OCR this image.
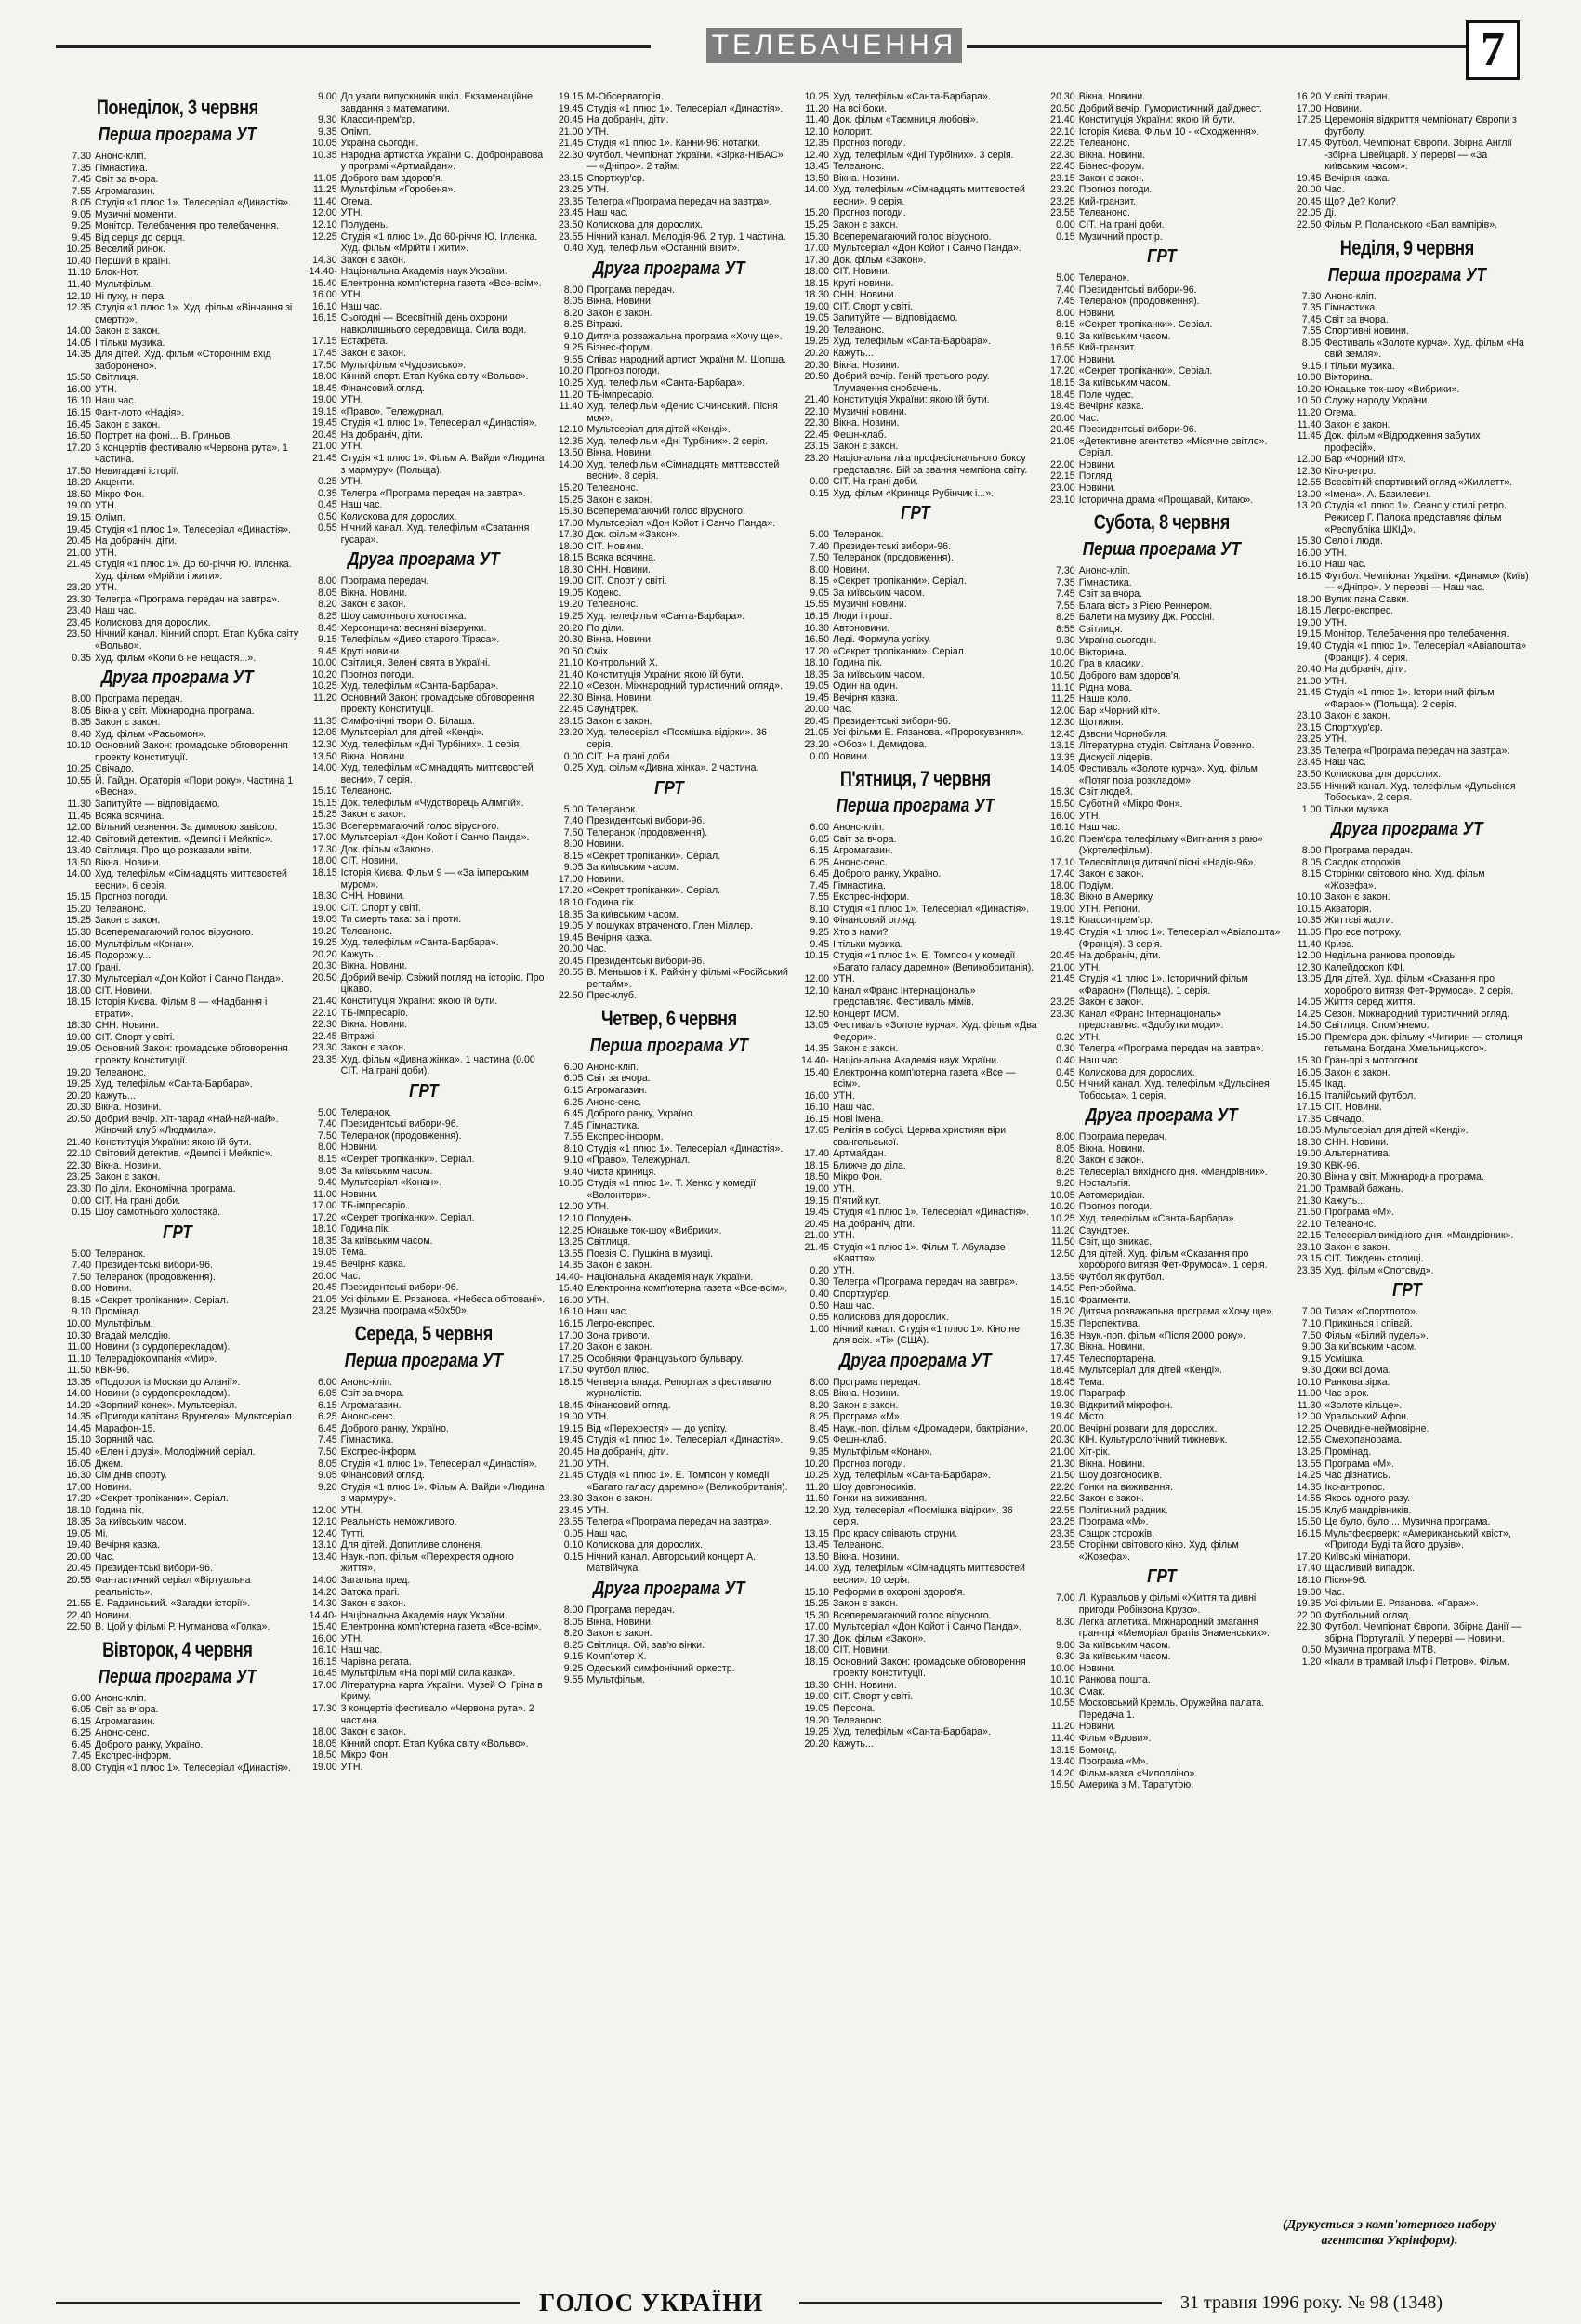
ТЕЛЕБАЧЕННЯ	7
Понеділок, 3 червня
Перша програма УТ
7.30 Анонс-кліп.
7.35 Гімнастика.
7.45 Світ за вчора.
7.55 Агромагазин.
8.05 Студія «1 плюс 1». Телесеріал «Династія».
9.05 Музичні моменти.
9.25 Монітор. Телебачення про телебачення.
9.45 Від серця до серця.
10.25 Веселий ринок.
10.40 Перший в країні.
11.10 Блок-Нот.
11.40 Мультфільм.
12.10 Ні пуху, ні пера.
12.35 Студія «1 плюс 1». Худ. фільм «Вінчання зі смертю».
14.00 Закон є закон.
14.05 І тільки музика.
14.35 Для дітей. Худ. фільм «Стороннім вхід заборонено».
15.50 Світлиця.
16.00 УТН.
16.10 Наш час.
16.15 Фант-лото «Надія».
16.45 Закон є закон.
16.50 Портрет на фоні... В. Гриньов.
17.20 3 концертів фестивалю «Червона рута». 1 частина.
17.50 Невигадані історії.
18.20 Акценти.
18.50 Мікро Фон.
19.00 УТН.
19.15 Олімп.
19.45 Студія «1 плюс 1». Телесеріал «Династія».
20.45 На добраніч, діти.
21.00 УТН.
21.45 Студія «1 плюс 1». До 60-річчя Ю. Іллєнка. Худ. фільм «Мрійти і жити».
23.20 УТН.
23.30 Телегра «Програма передач на завтра».
23.40 Наш час.
23.45 Колискова для дорослих.
23.50 Нічний канал. Кінний спорт. Етап Кубка світу «Вольво».
0.35 Худ. фільм «Коли б не нещастя...».
Друга програма УТ
8.00 Програма передач.
8.05 Вікна у світ. Міжнародна програма.
8.35 Закон є закон.
8.40 Худ. фільм «Расьомон».
10.10 Основний Закон: громадське обговорення проекту Конституції.
10.25 Свічадо.
10.55 Й. Гайдн. Ораторія «Пори року». Частина 1 «Весна».
11.30 Запитуйте — відповідаємо.
11.45 Всяка всячина.
12.00 Вільний сезнення. За димовою завісою.
12.40 Світовий детектив. «Демпсі і Мейкпіс».
13.40 Світлиця. Про що розказали квіти.
13.50 Вікна. Новини.
14.00 Худ. телефільм «Сімнадцять миттєвостей весни». 6 серія.
15.15 Прогноз погоди.
15.20 Телеанонс.
15.25 Закон є закон.
15.30 Всеперемагаючий голос вірусного.
16.00 Мультфільм «Конан».
16.45 Подорож у...
17.00 Грані.
17.30 Мультсеріал «Дон Койот і Санчо Панда».
18.00 СІТ. Новини.
18.15 Історія Києва. Фільм 8 — «Надбання і втрати».
18.30 СНН. Новини.
19.00 СІТ. Спорт у світі.
19.05 Основний Закон: громадське обговорення проекту Конституції.
19.20 Телеанонс.
19.25 Худ. телефільм «Санта-Барбара».
20.20 Кажуть...
20.30 Вікна. Новини.
20.50 Добрий вечір. Хіт-парад «Най-най-най». Жіночий клуб «Людмила».
21.40 Конституція України: якою їй бути.
22.10 Світовий детектив. «Демпсі і Мейкпіс».
22.30 Вікна. Новини.
23.25 Закон є закон.
23.30 По діли. Економічна програма.
0.00 СІТ. На грані доби.
0.15 Шоу самотнього холостяка.
ГРТ
5.00 Телеранок.
7.40 Президентські вибори-96.
7.50 Телеранок (продовження).
8.00 Новини.
8.15 «Секрет тропіканки». Серіал.
9.10 Промінад.
10.00 Мультфільм.
10.30 Вгадай мелодію.
11.00 Новини (з сурдоперекладом).
11.10 Телерадіокомпанія «Мир».
11.50 КВК-96.
13.35 «Подорож із Москви до Аланії».
14.00 Новини (з сурдоперекладом).
14.20 «Зоряний конек». Мультсеріал.
14.35 «Пригоди капітана Врунгеля». Мультсеріал.
14.45 Марафон-15.
15.10 Зоряний час.
15.40 «Елен і друзі». Молодіжний серіал.
16.05 Джем.
16.30 Сім днів спорту.
17.00 Новини.
17.20 «Секрет тропіканки». Серіал.
18.10 Година пік.
18.35 За київським часом.
19.05 Мі.
19.40 Вечірня казка.
20.00 Час.
20.45 Президентські вибори-96.
20.55 Фантастичний серіал «Віртуальна реальність».
21.55 Е. Радзинський. «Загадки історії».
22.40 Новини.
22.50 В. Цой у фільмі Р. Нугманова «Голка».
Вівторок, 4 червня
Перша програма УТ
6.00 Анонс-кліп.
6.05 Світ за вчора.
6.15 Агромагазин.
6.25 Анонс-сенс.
6.45 Доброго ранку, Україно.
7.45 Експрес-інформ.
8.00 Студія «1 плюс 1». Телесеріал «Династія».
9.00 До уваги випускників шкіл. Екзаменаційне завдання з математики.
9.30 Класси-прем'єр.
9.35 Олімп.
10.05 Україна сьогодні.
10.35 Народна артистка України С. Добронравова у програмі «Артмайдан».
11.05 Доброго вам здоров'я.
11.25 Мультфільм «Горобеня».
11.40 Огема.
12.00 УТН.
12.10 Полудень.
12.25 Студія «1 плюс 1». До 60-річчя Ю. Іллєнка. Худ. фільм «Мрійти і жити».
14.30 Закон є закон.
14.40-15.40
Національна Академія наук України. Електронна комп'ютерна газета «Все-всім».
16.00 УТН.
16.10 Наш час.
16.15 Сьогодні — Всесвітній день охорони навколишнього середовища. Сила води.
17.15 Естафета.
17.45 Закон є закон.
17.50 Мультфільм «Чудовисько».
18.00 Кінний спорт. Етап Кубка світу «Вольво».
18.45 Фінансовий огляд.
19.00 УТН.
19.15 «Право». Тележурнал.
19.45 Студія «1 плюс 1». Телесеріал «Династія».
20.45 На добраніч, діти.
21.00 УТН.
21.45 Студія «1 плюс 1». Фільм А. Вайди «Людина з мармуру» (Польща).
0.25 УТН.
0.35 Телегра «Програма передач на завтра».
0.45 Наш час.
0.50 Колискова для дорослих.
0.55 Нічний канал. Худ. телефільм «Сватання гусара».
Друга програма УТ
8.00 Програма передач.
8.05 Вікна. Новини.
8.20 Закон є закон.
8.25 Шоу самотнього холостяка.
8.45 Херсонщина: весняні візерунки.
9.15 Телефільм «Диво старого Тіраса».
9.45 Круті новини.
10.00 Світлиця. Зелені свята в Україні.
10.20 Прогноз погоди.
10.25 Худ. телефільм «Санта-Барбара».
11.20 Основний Закон: громадське обговорення проекту Конституції.
11.35 Симфонічні твори О. Білаша.
12.05 Мультсеріал для дітей «Кенді».
12.30 Худ. телефільм «Дні Турбіних». 1 серія.
13.50 Вікна. Новини.
14.00 Худ. телефільм «Сімнадцять миттєвостей весни». 7 серія.
15.10 Телеанонс.
15.15 Док. телефільм «Чудотворець Алімпій».
15.25 Закон є закон.
15.30 Всеперемагаючий голос вірусного.
17.00 Мультсеріал «Дон Койот і Санчо Панда».
17.30 Док. фільм «Закон».
18.00 СІТ. Новини.
18.15 Історія Києва. Фільм 9 — «За імперським муром».
18.30 СНН. Новини.
19.00 СІТ. Спорт у світі.
19.05 Ти смерть така: за і проти.
19.20 Телеанонс.
19.25 Худ. телефільм «Санта-Барбара».
20.20 Кажуть...
20.30 Вікна. Новини.
20.50 Добрий вечір. Свіжий погляд на історію. Про цікаво.
21.40 Конституція України: якою їй бути.
22.10 ТБ-імпресаріо.
22.30 Вікна. Новини.
22.45 Вітражі.
23.30 Закон є закон.
23.35 Худ. фільм «Дивна жінка». 1 частина (0.00 СІТ. На грані доби).
ГРТ
5.00 Телеранок.
7.40 Президентські вибори-96.
7.50 Телеранок (продовження).
8.00 Новини.
8.15 «Секрет тропіканки». Серіал.
9.05 За київським часом.
9.40 Мультсеріал «Конан».
11.00 Новини.
17.00 ТБ-імпресаріо.
17.20 «Секрет тропіканки». Серіал.
18.10 Година пік.
18.35 За київським часом.
19.05 Тема.
19.45 Вечірня казка.
20.00 Час.
20.45 Президентські вибори-96.
21.05 Усі фільми Е. Рязанова. «Небеса обітовані».
23.25 Музична програма «50х50».
Середа, 5 червня
Перша програма УТ
6.00 Анонс-кліп.
6.05 Світ за вчора.
6.15 Агромагазин.
6.25 Анонс-сенс.
6.45 Доброго ранку, Україно.
7.45 Гімнастика.
7.50 Експрес-інформ.
8.05 Студія «1 плюс 1». Телесеріал «Династія».
9.05 Фінансовий огляд.
9.20 Студія «1 плюс 1». Фільм А. Вайди «Людина з мармуру».
12.00 УТН.
12.10 Реальність неможливого.
12.40 Тутті.
13.10 Для дітей. Допитливе слоненя.
13.40 Наук.-поп. фільм «Перехрестя одного життя».
14.00 Загальна пред.
14.20 Затока прагі.
14.30 Закон є закон.
14.40-15.40
Національна Академія наук України. Електронна комп'ютерна газета «Все-всім».
16.00 УТН.
16.10 Наш час.
16.15 Чарівна регата.
16.45 Мультфільм «На порі мій сила казка».
17.00 Літературна карта України. Музей О. Гріна в Криму.
17.30 3 концертів фестивалю «Червона рута». 2 частина.
18.00 Закон є закон.
18.05 Кінний спорт. Етап Кубка світу «Вольво».
18.50 Мікро Фон.
19.00 УТН.
19.15 М-Обсерваторія.
19.45 Студія «1 плюс 1». Телесеріал «Династія».
20.45 На добраніч, діти.
21.00 УТН.
21.45 Студія «1 плюс 1». Канни-96: нотатки.
22.30 Футбол. Чемпіонат України. «Зірка-НІБАС» — «Дніпро». 2 тайм.
23.15 Спортхур'єр.
23.25 УТН.
23.35 Телегра «Програма передач на завтра».
23.45 Наш час.
23.50 Колискова для дорослих.
23.55 Нічний канал. Мелодія-96. 2 тур. 1 частина.
0.40 Худ. телефільм «Останній візит».
Друга програма УТ
8.00 Програма передач.
8.05 Вікна. Новини.
8.20 Закон є закон.
8.25 Вітражі.
9.10 Дитяча розважальна програма «Хочу ще».
9.25 Бізнес-форум.
9.55 Співає народний артист України М. Шопша.
10.20 Прогноз погоди.
10.25 Худ. телефільм «Санта-Барбара».
11.20 ТБ-імпресаріо.
11.40 Худ. телефільм «Денис Січинський. Пісня моя».
12.10 Мультсеріал для дітей «Кенді».
12.35 Худ. телефільм «Дні Турбіних». 2 серія.
13.50 Вікна. Новини.
14.00 Худ. телефільм «Сімнадцять миттєвостей весни». 8 серія.
15.20 Телеанонс.
15.25 Закон є закон.
15.30 Всеперемагаючий голос вірусного.
17.00 Мультсеріал «Дон Койот і Санчо Панда».
17.30 Док. фільм «Закон».
18.00 СІТ. Новини.
18.15 Всяка всячина.
18.30 СНН. Новини.
19.00 СІТ. Спорт у світі.
19.05 Кодекс.
19.20 Телеанонс.
19.25 Худ. телефільм «Санта-Барбара».
20.20 По діли.
20.30 Вікна. Новини.
20.50 Сміх.
21.10 Контрольний X.
21.40 Конституція України: якою їй бути.
22.10 «Сезон. Міжнародний туристичний огляд».
22.30 Вікна. Новини.
22.45 Саундтрек.
23.15 Закон є закон.
23.20 Худ. телесеріал «Посмішка відірки». 36 серія.
0.00 СІТ. На грані доби.
0.25 Худ. фільм «Дивна жінка». 2 частина.
ГРТ
5.00 Телеранок.
7.40 Президентські вибори-96.
7.50 Телеранок (продовження).
8.00 Новини.
8.15 «Секрет тропіканки». Серіал.
9.05 За київським часом.
17.00 Новини.
17.20 «Секрет тропіканки». Серіал.
18.10 Година пік.
18.35 За київським часом.
19.05 У пошуках втраченого. Глен Міллер.
19.45 Вечірня казка.
20.00 Час.
20.45 Президентські вибори-96.
20.55 В. Меньшов і К. Райкін у фільмі «Російський регтайм».
22.50 Прес-клуб.
Четвер, 6 червня
Перша програма УТ
6.00 Анонс-кліп.
6.05 Світ за вчора.
6.15 Агромагазин.
6.25 Анонс-сенс.
6.45 Доброго ранку, Україно.
7.45 Гімнастика.
7.55 Експрес-інформ.
8.10 Студія «1 плюс 1». Телесеріал «Династія».
9.10 «Право». Тележурнал.
9.40 Чиста криниця.
10.05 Студія «1 плюс 1». Т. Хенкс у комедії «Волонтери».
12.00 УТН.
12.10 Полудень.
12.25 Юнацьке ток-шоу «Вибрики».
13.25 Світлиця.
13.55 Поезія О. Пушкіна в музиці.
14.35 Закон є закон.
14.40-15.40
Національна Академія наук України. Електронна комп'ютерна газета «Все-всім».
16.00 УТН.
16.10 Наш час.
16.15 Легро-експрес.
17.00 Зона тривоги.
17.20 Закон є закон.
17.25 Особняки Французького бульвару.
17.50 Футбол плюс.
18.15 Четверта влада. Репортаж з фестивалю журналістів.
18.45 Фінансовий огляд.
19.00 УТН.
19.15 Від «Перехрестя» — до успіху.
19.45 Студія «1 плюс 1». Телесеріал «Династія».
20.45 На добраніч, діти.
21.00 УТН.
21.45 Студія «1 плюс 1». Е. Томпсон у комедії «Багато галасу даремно» (Великобританія).
23.30 Закон є закон.
23.45 УТН.
23.55 Телегра «Програма передач на завтра».
0.05 Наш час.
0.10 Колискова для дорослих.
0.15 Нічний канал. Авторський концерт А. Матвійчука.
Друга програма УТ
8.00 Програма передач.
8.05 Вікна. Новини.
8.20 Закон є закон.
8.25 Світлиця. Ой, зав'ю вінки.
9.15 Комп'ютер X.
9.25 Одеський симфонічний оркестр.
9.55 Мультфільм.
10.25 Худ. телефільм «Санта-Барбара».
11.20 На всі боки.
11.40 Док. фільм «Таємниця любові».
12.10 Колорит.
12.35 Прогноз погоди.
12.40 Худ. телефільм «Дні Турбіних». 3 серія.
13.45 Телеанонс.
13.50 Вікна. Новини.
14.00 Худ. телефільм «Сімнадцять миттєвостей весни». 9 серія.
15.20 Прогноз погоди.
15.25 Закон є закон.
15.30 Всеперемагаючий голос вірусного.
17.00 Мультсеріал «Дон Койот і Санчо Панда».
17.30 Док. фільм «Закон».
18.00 СІТ. Новини.
18.15 Круті новини.
18.30 СНН. Новини.
19.00 СІТ. Спорт у світі.
19.05 Запитуйте — відповідаємо.
19.20 Телеанонс.
19.25 Худ. телефільм «Санта-Барбара».
20.20 Кажуть...
20.30 Вікна. Новини.
20.50 Добрий вечір. Геній третього роду. Тлумачення снобачень.
21.40 Конституція України: якою їй бути.
22.10 Музичні новини.
22.30 Вікна. Новини.
22.45 Фешн-клаб.
23.15 Закон є закон.
23.20 Національна ліга професіонального боксу представляє. Бій за звання чемпіона світу.
0.00 СІТ. На грані доби.
0.15 Худ. фільм «Криниця Рубінчик і...».
ГРТ
5.00 Телеранок.
7.40 Президентські вибори-96.
7.50 Телеранок (продовження).
8.00 Новини.
8.15 «Секрет тропіканки». Серіал.
9.05 За київським часом.
15.55 Музичні новини.
16.15 Люди і гроші.
16.30 Автоновини.
16.50 Леді. Формула успіху.
17.20 «Секрет тропіканки». Серіал.
18.10 Година пік.
18.35 За київським часом.
19.05 Один на один.
19.45 Вечірня казка.
20.00 Час.
20.45 Президентські вибори-96.
21.05 Усі фільми Е. Рязанова. «Пророкування».
23.20 «Обоз» І. Демидова.
0.00 Новини.
П'ятниця, 7 червня
Перша програма УТ
6.00 Анонс-кліп.
6.05 Світ за вчора.
6.15 Агромагазин.
6.25 Анонс-сенс.
6.45 Доброго ранку, Україно.
7.45 Гімнастика.
7.55 Експрес-інформ.
8.10 Студія «1 плюс 1». Телесеріал «Династія».
9.10 Фінансовий огляд.
9.25 Хто з нами?
9.45 І тільки музика.
10.15 Студія «1 плюс 1». Е. Томпсон у комедії «Багато галасу даремно» (Великобританія).
12.00 УТН.
12.10 Канал «Франс Інтернаціональ» представляє. Фестиваль мімів.
12.50 Концерт МСМ.
13.05 Фестиваль «Золоте курча». Худ. фільм «Два Федори».
14.35 Закон є закон.
14.40-15.40
Національна Академія наук України. Електронна комп'ютерна газета «Все — всім».
16.00 УТН.
16.10 Наш час.
16.15 Нові імена.
17.05 Релігія в собусі. Церква християн віри євангельської.
17.40 Артмайдан.
18.15 Ближче до діла.
18.50 Мікро Фон.
19.00 УТН.
19.15 П'ятий кут.
19.45 Студія «1 плюс 1». Телесеріал «Династія».
20.45 На добраніч, діти.
21.00 УТН.
21.45 Студія «1 плюс 1». Фільм Т. Абуладзе «Каяття».
0.20 УТН.
0.30 Телегра «Програма передач на завтра».
0.40 Спортхур'єр.
0.50 Наш час.
0.55 Колискова для дорослих.
1.00 Нічний канал. Студія «1 плюс 1». Кіно не для всіх. «Ті» (США).
Друга програма УТ
8.00 Програма передач.
8.05 Вікна. Новини.
8.20 Закон є закон.
8.25 Програма «М».
8.45 Наук.-поп. фільм «Дромадери, бактріани».
9.05 Фешн-клаб.
9.35 Мультфільм «Конан».
10.20 Прогноз погоди.
10.25 Худ. телефільм «Санта-Барбара».
11.20 Шоу довгоносиків.
11.50 Гонки на виживання.
12.20 Худ. телесеріал «Посмішка відірки». 36 серія.
13.15 Про красу співають струни.
13.45 Телеанонс.
13.50 Вікна. Новини.
14.00 Худ. телефільм «Сімнадцять миттєвостей весни». 10 серія.
15.10 Реформи в охороні здоров'я.
15.25 Закон є закон.
15.30 Всеперемагаючий голос вірусного.
17.00 Мультсеріал «Дон Койот і Санчо Панда».
17.30 Док. фільм «Закон».
18.00 СІТ. Новини.
18.15 Основний Закон: громадське обговорення проекту Конституції.
18.30 СНН. Новини.
19.00 СІТ. Спорт у світі.
19.05 Персона.
19.20 Телеанонс.
19.25 Худ. телефільм «Санта-Барбара».
20.20 Кажуть...
20.30 Вікна. Новини.
20.50 Добрий вечір. Гумористичний дайджест.
21.40 Конституція України: якою їй бути.
22.10 Історія Києва. Фільм 10 - «Сходження».
22.25 Телеанонс.
22.30 Вікна. Новини.
22.45 Бізнес-форум.
23.15 Закон є закон.
23.20 Прогноз погоди.
23.25 Кий-транзит.
23.55 Телеанонс.
0.00 СІТ. На грані доби.
0.15 Музичний простір.
ГРТ
5.00 Телеранок.
7.40 Президентські вибори-96.
7.45 Телеранок (продовження).
8.00 Новини.
8.15 «Секрет тропіканки». Серіал.
9.10 За київським часом.
16.55 Кий-транзит.
17.00 Новини.
17.20 «Секрет тропіканки». Серіал.
18.15 За київським часом.
18.45 Поле чудес.
19.45 Вечірня казка.
20.00 Час.
20.45 Президентські вибори-96.
21.05 «Детективне агентство «Місячне світло». Серіал.
22.00 Новини.
22.15 Погляд.
23.00 Новини.
23.10 Історична драма «Прощавай, Китаю».
Субота, 8 червня
Перша програма УТ
7.30 Анонс-кліп.
7.35 Гімнастика.
7.45 Світ за вчора.
7.55 Блага вість з Рією Реннером.
8.25 Балети на музику Дж. Россіні.
8.55 Світлиця.
9.30 Україна сьогодні.
10.00 Вікторина.
10.20 Гра в класики.
10.50 Доброго вам здоров'я.
11.10 Рідна мова.
11.25 Наше коло.
12.00 Бар «Чорний кіт».
12.30 Щотижня.
12.45 Дзвони Чорнобиля.
13.15 Літературна студія. Світлана Йовенко.
13.35 Дискусії лідерів.
14.05 Фестиваль «Золоте курча». Худ. фільм «Потяг поза розкладом».
15.30 Світ людей.
15.50 Суботній «Мікро Фон».
16.00 УТН.
16.10 Наш час.
16.20 Прем'єра телефільму «Вигнання з раю» (Укртелефільм).
17.10 Телесвітлиця дитячої пісні «Надія-96».
17.40 Закон є закон.
18.00 Подіум.
18.30 Вікно в Америку.
19.00 УТН. Регіони.
19.15 Класси-прем'єр.
19.45 Студія «1 плюс 1». Телесеріал «Авіапошта» (Франція). 3 серія.
20.45 На добраніч, діти.
21.00 УТН.
21.45 Студія «1 плюс 1». Історичний фільм «Фараон» (Польща). 1 серія.
23.25 Закон є закон.
23.30 Канал «Франс Інтернаціональ» представляє. «Здобутки моди».
0.20 УТН.
0.30 Телегра «Програма передач на завтра».
0.40 Наш час.
0.45 Колискова для дорослих.
0.50 Нічний канал. Худ. телефільм «Дульсінея Тобоська». 1 серія.
Друга програма УТ
8.00 Програма передач.
8.05 Вікна. Новини.
8.20 Закон є закон.
8.25 Телесеріал вихідного дня. «Мандрівник».
9.20 Ностальгія.
10.05 Автомеридіан.
10.20 Прогноз погоди.
10.25 Худ. телефільм «Санта-Барбара».
11.20 Саундтрек.
11.50 Світ, що зникає.
12.50 Для дітей. Худ. фільм «Сказання про хороброго витязя Фет-Фрумоса». 1 серія.
13.55 Футбол як футбол.
14.55 Реп-обойма.
15.10 Фрагменти.
15.20 Дитяча розважальна програма «Хочу ще».
15.35 Перспектива.
16.35 Наук.-поп. фільм «Після 2000 року».
17.30 Вікна. Новини.
17.45 Телеспортарена.
18.45 Мультсеріал для дітей «Кенді».
18.45 Тема.
19.00 Параграф.
19.30 Відкритий мікрофон.
19.40 Місто.
20.00 Вечірні розваги для дорослих.
20.30 КІН. Культурологічний тижневик.
21.00 Хіт-рік.
21.30 Вікна. Новини.
21.50 Шоу довгоносиків.
22.20 Гонки на виживання.
22.50 Закон є закон.
22.55 Політичний радник.
23.25 Програма «М».
23.35 Сащок сторожів.
23.55 Сторінки світового кіно. Худ. фільм «Жозефа».
ГРТ
7.00 Л. Куравльов у фільмі «Життя та дивні пригоди Робінзона Крузо».
8.30 Легка атлетика. Міжнародний змагання гран-прі «Меморіал братів Знаменських».
9.00 За київським часом.
9.30 За київським часом.
10.00 Новини.
10.10 Ранкова пошта.
10.30 Смак.
10.55 Московський Кремль. Оружейна палата. Передача 1.
11.20 Новини.
11.40 Фільм «Вдови».
13.15 Бомонд.
13.40 Програма «М».
14.20 Фільм-казка «Чиполліно».
15.50 Америка з М. Таратутою.
16.20 У світі тварин.
17.00 Новини.
17.25 Церемонія відкриття чемпіонату Європи з футболу.
17.45 Футбол. Чемпіонат Європи. Збірна Англії -збірна Швейцарії. У перерві — «За київським часом».
19.45 Вечірня казка.
20.00 Час.
20.45 Що? Де? Коли?
22.05 Ді.
22.50 Фільм Р. Поланського «Бал вампірів».
Неділя, 9 червня
Перша програма УТ
7.30 Анонс-кліп.
7.35 Гімнастика.
7.45 Світ за вчора.
7.55 Спортивні новини.
8.05 Фестиваль «Золоте курча». Худ. фільм «На свій земля».
9.15 І тільки музика.
10.00 Вікторина.
10.20 Юнацьке ток-шоу «Вибрики».
10.50 Служу народу України.
11.20 Огема.
11.40 Закон є закон.
11.45 Док. фільм «Відродження забутих професій».
12.00 Бар «Чорний кіт».
12.30 Кіно-ретро.
12.55 Всесвітній спортивний огляд «Жиллетт».
13.00 «Імена». А. Базилевич.
13.20 Студія «1 плюс 1». Сеанс у стилі ретро. Режисер Г. Палока представляє фільм «Республіка ШКІД».
15.30 Село і люди.
16.00 УТН.
16.10 Наш час.
16.15 Футбол. Чемпіонат України. «Динамо» (Київ) — «Дніпро». У перерві — Наш час.
18.00 Вулик пана Савки.
18.15 Легро-експрес.
19.00 УТН.
19.15 Монітор. Телебачення про телебачення.
19.40 Студія «1 плюс 1». Телесеріал «Авіапошта» (Франція). 4 серія.
20.40 На добраніч, діти.
21.00 УТН.
21.45 Студія «1 плюс 1». Історичний фільм «Фараон» (Польща). 2 серія.
23.10 Закон є закон.
23.15 Спортхур'єр.
23.25 УТН.
23.35 Телегра «Програма передач на завтра».
23.45 Наш час.
23.50 Колискова для дорослих.
23.55 Нічний канал. Худ. телефільм «Дульсінея Тобоська». 2 серія.
1.00 Тільки музика.
Друга програма УТ
8.00 Програма передач.
8.05 Сасдок сторожів.
8.15 Сторінки світового кіно. Худ. фільм «Жозефа».
10.10 Закон є закон.
10.15 Акваторія.
10.35 Життєві жарти.
11.05 Про все потроху.
11.40 Криза.
12.00 Недільна ранкова проповідь.
12.30 Калейдоскоп КФІ.
13.05 Для дітей. Худ. фільм «Сказання про хороброго витязя Фет-Фрумоса». 2 серія.
14.05 Життя серед життя.
14.25 Сезон. Міжнародний туристичний огляд.
14.50 Світлиця. Спом'янемо.
15.00 Прем'єра док. фільму «Чигирин — столиця гетьмана Богдана Хмельницького».
15.30 Гран-прі з мотогонок.
16.05 Закон є закон.
15.45 Ікад.
16.15 Італійський футбол.
17.15 СІТ. Новини.
17.35 Свічадо.
18.05 Мультсеріал для дітей «Кенді».
18.30 СНН. Новини.
19.00 Альтернатива.
19.30 КВК-96.
20.30 Вікна у світ. Міжнародна програма.
21.00 Трамвай бажань.
21.30 Кажуть...
21.50 Програма «М».
22.10 Телеанонс.
22.15 Телесеріал вихідного дня. «Мандрівник».
23.10 Закон є закон.
23.15 СІТ. Тиждень столиці.
23.35 Худ. фільм «Спотсвуд».
ГРТ
7.00 Тираж «Спортлото».
7.10 Прикинься і співай.
7.50 Фільм «Білий пудель».
9.00 За київським часом.
9.15 Усмішка.
9.30 Доки всі дома.
10.10 Ранкова зірка.
11.00 Час зірок.
11.30 «Золоте кільце».
12.00 Уральський Афон.
12.25 Очевидне-неймовірне.
12.55 Смехопанорама.
13.25 Промінад.
13.55 Програма «М».
14.25 Час дізнатись.
14.35 Ікс-антропос.
14.55 Якось одного разу.
15.05 Клуб мандрівників.
15.50 Це було, було.... Музична програма.
16.15 Мультфеєрверк: «Американський хвіст», «Пригоди Буді та його друзів».
17.20 Київські мініатюри.
17.40 Щасливий випадок.
18.10 Пісня-96.
19.00 Час.
19.35 Усі фільми Е. Рязанова. «Гараж».
22.00 Футбольний огляд.
22.30 Футбол. Чемпіонат Європи. Збірна Данії — збірна Португалії. У перерві — Новини.
0.50 Музична програма МТВ.
1.20 «Ікали в трамвай Ільф і Петров». Фільм.
(Друкується з комп'ютерного набору агентства Укрінформ).
ГОЛОС УКРАЇНИ	31 травня 1996 року. № 98 (1348)
